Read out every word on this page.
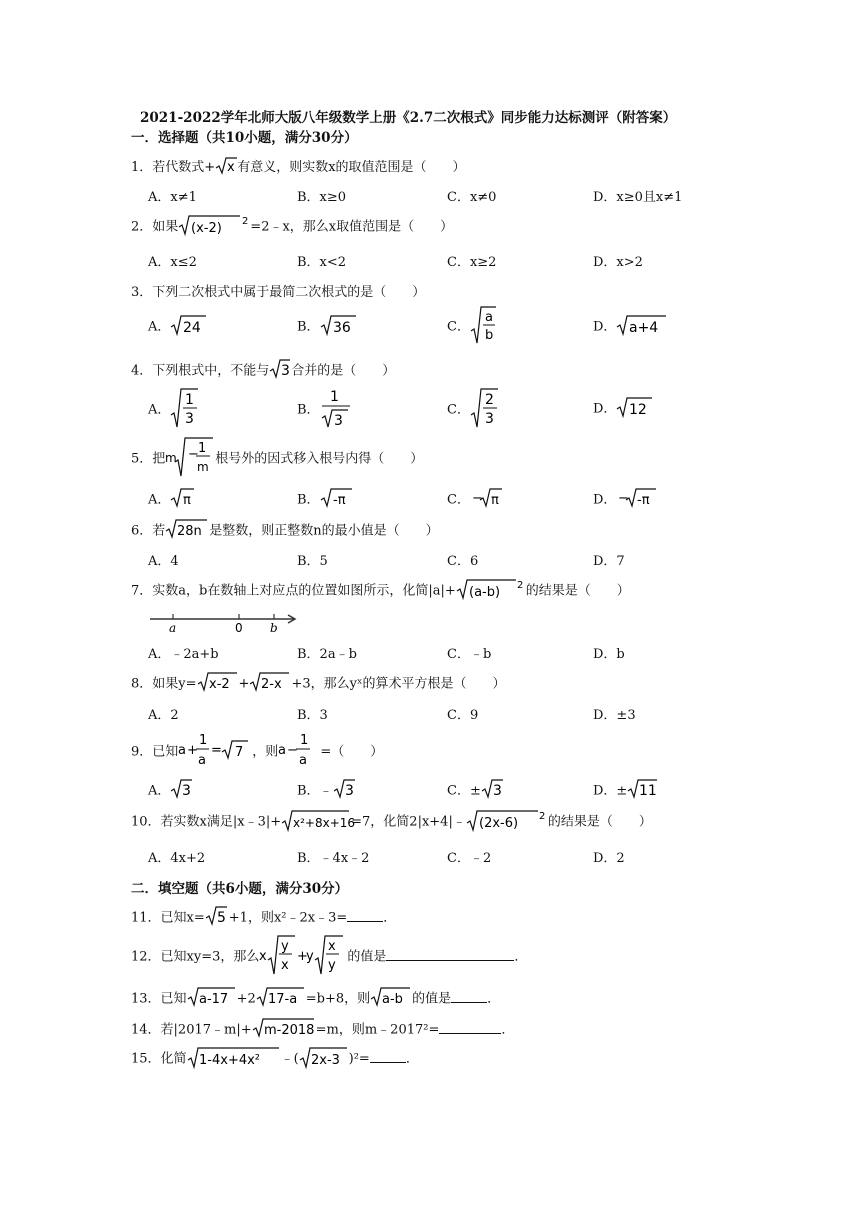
2021-2022学年北师大版八年级数学上册《2.7二次根式》同步能力达标测评（附答案）
一．选择题（共10小题，满分30分）
1．若代数式+ x 有意义，则实数x的取值范围是（　　）
A．x≠1	B．x≥0	C．x≠0	D．x≥0且x≠1
2．如果 (x-2) 2 =2﹣x，那么x取值范围是（　　）
A．x≤2	B．x<2	C．x≥2	D．x>2
3．下列二次根式中属于最简二次根式的是（　　）
A． 24	B． 36	C．
a
b
D． a+4
4．下列根式中，不能与 3 合并的是（　　）
A．
1
3
B．
1
3
C．
2
3
D． 12
5．把 m − 1
m
根号外的因式移入根号内得（　　）
A． π	B． -π	C． − π	D． − -π
6．若 28n 是整数，则正整数n的最小值是（　　）
A．4	B．5	C．6	D．7
7．实数a，b在数轴上对应点的位置如图所示，化简|a|+ (a-b) 2 的结果是（　　）
a	0 b
A．﹣2a+b	B．2a﹣b	C．﹣b	D．b
8．如果y= x-2 + 2-x +3，那么yˣ的算术平方根是（　　）
A．2	B．3	C．9	D．±3
9．已知 a +
1
a
= 7 ，则 a −
1
a
=（　　）
A． 3	B．﹣ 3	C．± 3	D．± 11
10．若实数x满足|x﹣3|+ x²+8x+16
=7，化简2|x+4|﹣ (2x-6) 2 的结果是（　　）
A．4x+2	B．﹣4x﹣2	C．﹣2	D．2
二．填空题（共6小题，满分30分）
11．已知x= 5 +1，则x²﹣2x﹣3=	．
12．已知xy=3，那么 x
y
x
+
y
x
y
的值是	．
13．已知 a-17 +2 17-a =b+8，则 a-b 的值是	．
14．若|2017﹣m|+ m-2018 =m，则m﹣2017²=	．
15．化简 1-4x+4x² ﹣( 2x-3 )²=	．
